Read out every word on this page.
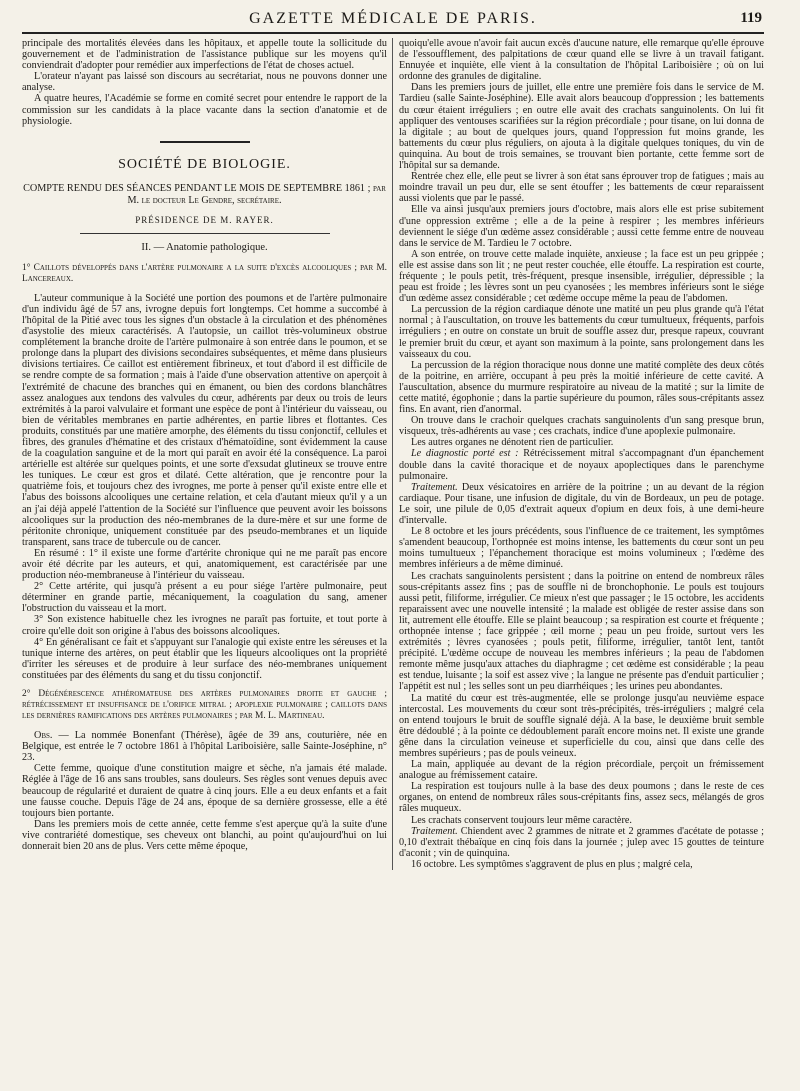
GAZETTE MÉDICALE DE PARIS.	119

principale des mortalités élevées dans les hôpitaux, et appelle toute la sollicitude du gouvernement et de l'administration de l'assistance publique sur les moyens qu'il conviendrait d'adopter pour remédier aux imperfections de l'état de choses actuel.

L'orateur n'ayant pas laissé son discours au secrétariat, nous ne pouvons donner une analyse.

A quatre heures, l'Académie se forme en comité secret pour entendre le rapport de la commission sur les candidats à la place vacante dans la section d'anatomie et de physiologie.

SOCIÉTÉ DE BIOLOGIE.
COMPTE RENDU DES SÉANCES PENDANT LE MOIS DE SEPTEMBRE 1861 ; par M. le docteur Le Gendre, secrétaire.
PRÉSIDENCE DE M. RAYER.
II. — Anatomie pathologique.
1° Caillots développés dans l'artère pulmonaire a la suite d'excès alcooliques ; par M. Lancereaux.

L'auteur communique à la Société une portion des poumons et de l'artère pulmonaire d'un individu âgé de 57 ans, ivrogne depuis fort longtemps. Cet homme a succombé à l'hôpital de la Pitié avec tous les signes d'un obstacle à la circulation et des phénomènes d'asystolie des mieux caractérisés. A l'autopsie, un caillot très-volumineux obstrue complétement la branche droite de l'artère pulmonaire à son entrée dans le poumon, et se prolonge dans la plupart des divisions secondaires subséquentes, et même dans plusieurs divisions tertiaires. Ce caillot est entièrement fibrineux, et tout d'abord il est difficile de se rendre compte de sa formation ; mais à l'aide d'une observation attentive on aperçoit à l'extrémité de chacune des branches qui en émanent, ou bien des cordons blanchâtres assez analogues aux tendons des valvules du cœur, adhérents par deux ou trois de leurs extrémités à la paroi valvulaire et formant une espèce de pont à l'intérieur du vaisseau, ou bien de véritables membranes en partie adhérentes, en partie libres et flottantes. Ces produits, constitués par une matière amorphe, des éléments du tissu conjonctif, cellules et fibres, des granules d'hématine et des cristaux d'hématoïdine, sont évidemment la cause de la coagulation sanguine et de la mort qui paraît en avoir été la conséquence. La paroi artérielle est altérée sur quelques points, et une sorte d'exsudat glutineux se trouve entre les tuniques. Le cœur est gros et dilaté. Cette altération, que je rencontre pour la quatrième fois, et toujours chez des ivrognes, me porte à penser qu'il existe entre elle et l'abus des boissons alcooliques une certaine relation, et cela d'autant mieux qu'il y a un an j'ai déjà appelé l'attention de la Société sur l'influence que peuvent avoir les boissons alcooliques sur la production des néo-membranes de la dure-mère et sur une forme de péritonite chronique, uniquement constituée par des pseudo-membranes et un liquide transparent, sans trace de tubercule ou de cancer.

En résumé : 1° il existe une forme d'artérite chronique qui ne me paraît pas encore avoir été décrite par les auteurs, et qui, anatomiquement, est caractérisée par une production néo-membraneuse à l'intérieur du vaisseau.

2° Cette artérite, qui jusqu'à présent a eu pour siége l'artère pulmonaire, peut déterminer en grande partie, mécaniquement, la coagulation du sang, amener l'obstruction du vaisseau et la mort.

3° Son existence habituelle chez les ivrognes ne paraît pas fortuite, et tout porte à croire qu'elle doit son origine à l'abus des boissons alcooliques.

4° En généralisant ce fait et s'appuyant sur l'analogie qui existe entre les séreuses et la tunique interne des artères, on peut établir que les liqueurs alcooliques ont la propriété d'irriter les séreuses et de produire à leur surface des néo-membranes uniquement constituées par des éléments du sang et du tissu conjonctif.

2° Dégénérescence athéromateuse des artères pulmonaires droite et gauche ; rétrécissement et insuffisance de l'orifice mitral ; apoplexie pulmonaire ; caillots dans les dernières ramifications des artères pulmonaires ; par M. L. Martineau.

Obs. — La nommée Bonenfant (Thérèse), âgée de 39 ans, couturière, née en Belgique, est entrée le 7 octobre 1861 à l'hôpital Lariboisière, salle Sainte-Joséphine, n° 23.

Cette femme, quoique d'une constitution maigre et sèche, n'a jamais été malade. Réglée à l'âge de 16 ans sans troubles, sans douleurs. Ses règles sont venues depuis avec beaucoup de régularité et duraient de quatre à cinq jours. Elle a eu deux enfants et a fait une fausse couche. Depuis l'âge de 24 ans, époque de sa dernière grossesse, elle a été toujours bien portante.

Dans les premiers mois de cette année, cette femme s'est aperçue qu'à la suite d'une vive contrariété domestique, ses cheveux ont blanchi, au point qu'aujourd'hui on lui donnerait bien 20 ans de plus. Vers cette même époque,

quoiqu'elle avoue n'avoir fait aucun excès d'aucune nature, elle remarque qu'elle éprouve de l'essoufflement, des palpitations de cœur quand elle se livre à un travail fatigant. Ennuyée et inquiète, elle vient à la consultation de l'hôpital Lariboisière ; où on lui ordonne des granules de digitaline.

Dans les premiers jours de juillet, elle entre une première fois dans le service de M. Tardieu (salle Sainte-Joséphine). Elle avait alors beaucoup d'oppression ; les battements du cœur étaient irréguliers ; en outre elle avait des crachats sanguinolents. On lui fit appliquer des ventouses scarifiées sur la région précordiale ; pour tisane, on lui donna de la digitale ; au bout de quelques jours, quand l'oppression fut moins grande, les battements du cœur plus réguliers, on ajouta à la digitale quelques toniques, du vin de quinquina. Au bout de trois semaines, se trouvant bien portante, cette femme sort de l'hôpital sur sa demande.

Rentrée chez elle, elle peut se livrer à son état sans éprouver trop de fatigues ; mais au moindre travail un peu dur, elle se sent étouffer ; les battements de cœur reparaissent aussi violents que par le passé.

Elle va ainsi jusqu'aux premiers jours d'octobre, mais alors elle est prise subitement d'une oppression extrême ; elle a de la peine à respirer ; les membres inférieurs deviennent le siége d'un œdème assez considérable ; aussi cette femme entre de nouveau dans le service de M. Tardieu le 7 octobre.

A son entrée, on trouve cette malade inquiète, anxieuse ; la face est un peu grippée ; elle est assise dans son lit ; ne peut rester couchée, elle étouffe. La respiration est courte, fréquente ; le pouls petit, très-fréquent, presque insensible, irrégulier, dépressible ; la peau est froide ; les lèvres sont un peu cyanosées ; les membres inférieurs sont le siége d'un œdème assez considérable ; cet œdème occupe même la peau de l'abdomen.

La percussion de la région cardiaque dénote une matité un peu plus grande qu'à l'état normal ; à l'auscultation, on trouve les battements du cœur tumultueux, fréquents, parfois irréguliers ; en outre on constate un bruit de souffle assez dur, presque rapeux, couvrant le premier bruit du cœur, et ayant son maximum à la pointe, sans prolongement dans les vaisseaux du cou.

La percussion de la région thoracique nous donne une matité complète des deux côtés de la poitrine, en arrière, occupant à peu près la moitié inférieure de cette cavité. A l'auscultation, absence du murmure respiratoire au niveau de la matité ; sur la limite de cette matité, égophonie ; dans la partie supérieure du poumon, râles sous-crépitants assez fins. En avant, rien d'anormal.

On trouve dans le crachoir quelques crachats sanguinolents d'un sang presque brun, visqueux, très-adhérents au vase ; ces crachats, indice d'une apoplexie pulmonaire.

Les autres organes ne dénotent rien de particulier.

Le diagnostic porté est : Rétrécissement mitral s'accompagnant d'un épanchement double dans la cavité thoracique et de noyaux apoplectiques dans le parenchyme pulmonaire.

Traitement. Deux vésicatoires en arrière de la poitrine ; un au devant de la région cardiaque. Pour tisane, une infusion de digitale, du vin de Bordeaux, un peu de potage. Le soir, une pilule de 0,05 d'extrait aqueux d'opium en deux fois, à une demi-heure d'intervalle.

Le 8 octobre et les jours précédents, sous l'influence de ce traitement, les symptômes s'amendent beaucoup, l'orthopnée est moins intense, les battements du cœur sont un peu moins tumultueux ; l'épanchement thoracique est moins volumineux ; l'œdème des membres inférieurs a de même diminué.

Les crachats sanguinolents persistent ; dans la poitrine on entend de nombreux râles sous-crépitants assez fins ; pas de souffle ni de bronchophonie. Le pouls est toujours aussi petit, filiforme, irrégulier. Ce mieux n'est que passager ; le 15 octobre, les accidents reparaissent avec une nouvelle intensité ; la malade est obligée de rester assise dans son lit, autrement elle étouffe. Elle se plaint beaucoup ; sa respiration est courte et fréquente ; orthopnée intense ; face grippée ; œil morne ; peau un peu froide, surtout vers les extrémités ; lèvres cyanosées ; pouls petit, filiforme, irrégulier, tantôt lent, tantôt précipité. L'œdème occupe de nouveau les membres inférieurs ; la peau de l'abdomen remonte même jusqu'aux attaches du diaphragme ; cet œdème est considérable ; la peau est tendue, luisante ; la soif est assez vive ; la langue ne présente pas d'enduit particulier ; l'appétit est nul ; les selles sont un peu diarrhéiques ; les urines peu abondantes.

La matité du cœur est très-augmentée, elle se prolonge jusqu'au neuvième espace intercostal. Les mouvements du cœur sont très-précipités, très-irréguliers ; malgré cela on entend toujours le bruit de souffle signalé déjà. A la base, le deuxième bruit semble être dédoublé ; à la pointe ce dédoublement paraît encore moins net. Il existe une grande gêne dans la circulation veineuse et superficielle du cou, ainsi que dans celle des membres supérieurs ; pas de pouls veineux.

La main, appliquée au devant de la région précordiale, perçoit un frémissement analogue au frémissement cataire.

La respiration est toujours nulle à la base des deux poumons ; dans le reste de ces organes, on entend de nombreux râles sous-crépitants fins, assez secs, mélangés de gros râles muqueux.

Les crachats conservent toujours leur même caractère.

Traitement. Chiendent avec 2 grammes de nitrate et 2 grammes d'acétate de potasse ; 0,10 d'extrait thébaïque en cinq fois dans la journée ; julep avec 15 gouttes de teinture d'aconit ; vin de quinquina.

16 octobre. Les symptômes s'aggravent de plus en plus ; malgré cela,
